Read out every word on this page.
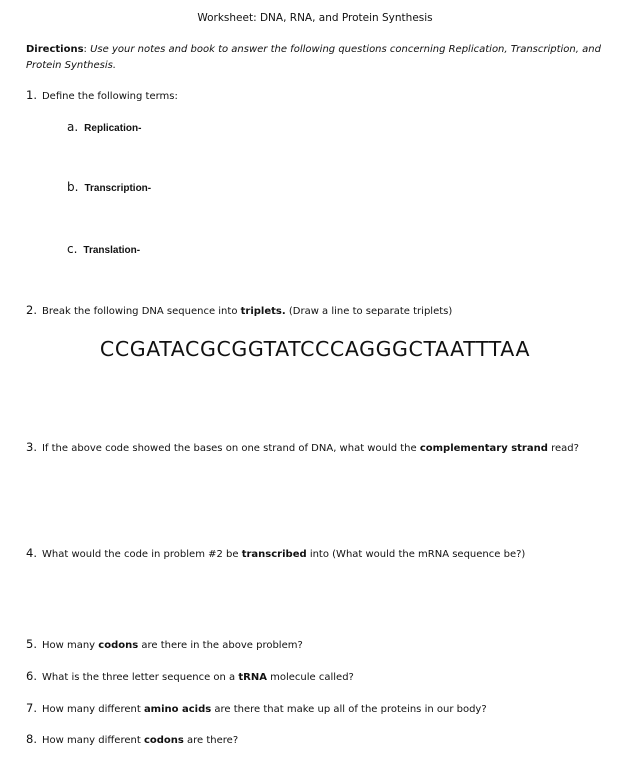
Worksheet: DNA, RNA, and Protein Synthesis
Directions: Use your notes and book to answer the following questions concerning Replication, Transcription, and Protein Synthesis.
1. Define the following terms:
a. Replication-
b. Transcription-
c. Translation-
2. Break the following DNA sequence into triplets. (Draw a line to separate triplets)
CCGATACGCGGTATCCCAGGGCTAATTTAA
3. If the above code showed the bases on one strand of DNA, what would the complementary strand read?
4. What would the code in problem #2 be transcribed into (What would the mRNA sequence be?)
5. How many codons are there in the above problem?
6. What is the three letter sequence on a tRNA molecule called?
7. How many different amino acids are there that make up all of the proteins in our body?
8. How many different codons are there?
